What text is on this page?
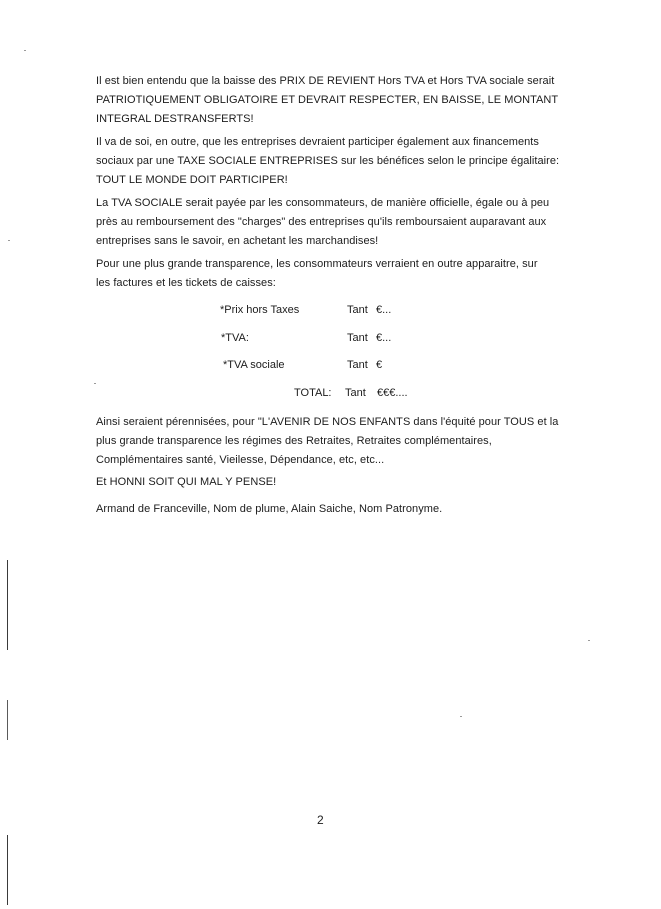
Il est bien entendu que la baisse des PRIX DE REVIENT Hors TVA et Hors TVA sociale serait
PATRIOTIQUEMENT OBLIGATOIRE ET DEVRAIT RESPECTER, EN BAISSE, LE MONTANT
INTEGRAL DESTRANSFERTS!
Il va de soi, en outre, que les entreprises devraient participer également aux financements
sociaux par une TAXE SOCIALE ENTREPRISES sur les bénéfices selon le principe égalitaire:
TOUT LE MONDE DOIT PARTICIPER!
La TVA SOCIALE serait payée par les consommateurs, de manière officielle, égale ou à peu
près au remboursement des "charges" des entreprises qu'ils remboursaient auparavant aux
entreprises sans le savoir, en achetant les marchandises!
Pour une plus grande transparence, les consommateurs verraient en outre apparaitre, sur
les factures et les tickets de caisses:
*Prix hors Taxes	Tant €...
*TVA:	Tant €...
*TVA sociale	Tant €
TOTAL: Tant €€€....
Ainsi seraient pérennisées, pour "L'AVENIR DE NOS ENFANTS dans l'équité pour TOUS et la
plus grande transparence les régimes des Retraites, Retraites complémentaires,
Complémentaires santé, Vieilesse, Dépendance, etc, etc...
Et HONNI SOIT QUI MAL Y PENSE!
Armand de Franceville, Nom de plume, Alain Saiche, Nom Patronyme.
2
